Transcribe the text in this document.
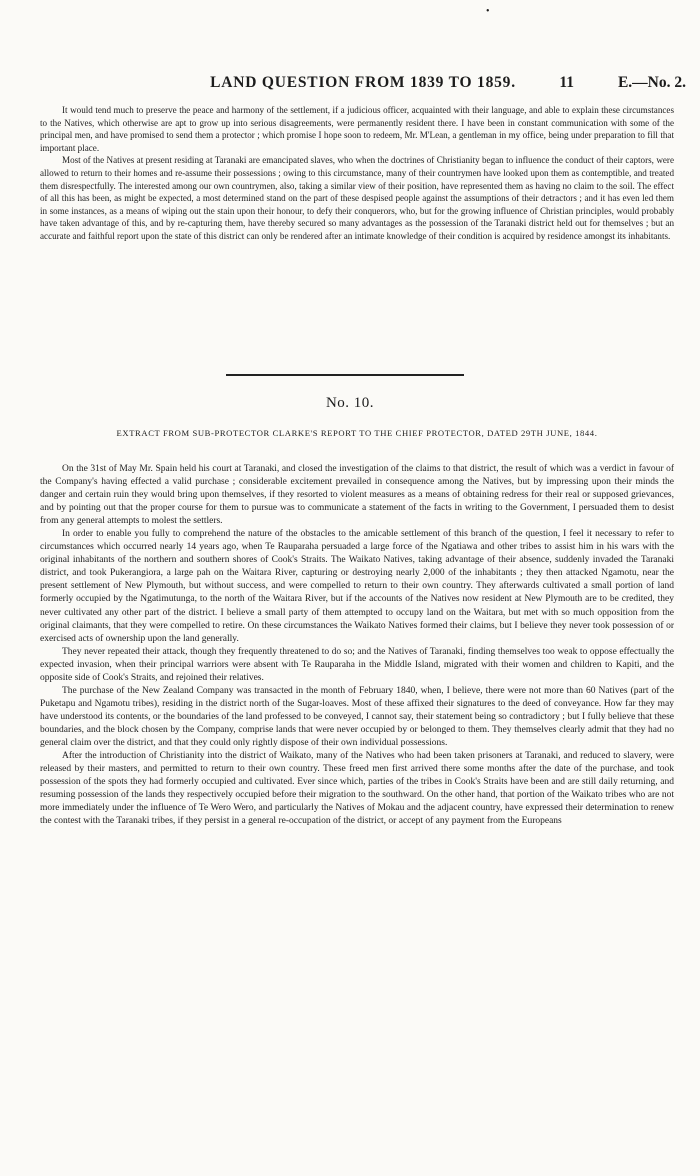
•
LAND QUESTION FROM 1839 TO 1859.	11	E.—No. 2.

It would tend much to preserve the peace and harmony of the settlement, if a judicious officer, acquainted with their language, and able to explain these circumstances to the Natives, which otherwise are apt to grow up into serious disagreements, were permanently resident there. I have been in constant communication with some of the principal men, and have promised to send them a protector ; which promise I hope soon to redeem, Mr. M'Lean, a gentleman in my office, being under preparation to fill that important place.

Most of the Natives at present residing at Taranaki are emancipated slaves, who when the doctrines of Christianity began to influence the conduct of their captors, were allowed to return to their homes and re-assume their possessions ; owing to this circumstance, many of their countrymen have looked upon them as contemptible, and treated them disrespectfully. The interested among our own countrymen, also, taking a similar view of their position, have represented them as having no claim to the soil. The effect of all this has been, as might be expected, a most determined stand on the part of these despised people against the assumptions of their detractors ; and it has even led them in some instances, as a means of wiping out the stain upon their honour, to defy their conquerors, who, but for the growing influence of Christian principles, would probably have taken advantage of this, and by re-capturing them, have thereby secured so many advantages as the possession of the Taranaki district held out for themselves ; but an accurate and faithful report upon the state of this district can only be rendered after an intimate knowledge of their condition is acquired by residence amongst its inhabitants.

No. 10.
EXTRACT FROM SUB-PROTECTOR CLARKE'S REPORT TO THE CHIEF PROTECTOR, DATED 29TH JUNE, 1844.

On the 31st of May Mr. Spain held his court at Taranaki, and closed the investigation of the claims to that district, the result of which was a verdict in favour of the Company's having effected a valid purchase ; considerable excitement prevailed in consequence among the Natives, but by impressing upon their minds the danger and certain ruin they would bring upon themselves, if they resorted to violent measures as a means of obtaining redress for their real or supposed grievances, and by pointing out that the proper course for them to pursue was to communicate a statement of the facts in writing to the Government, I persuaded them to desist from any general attempts to molest the settlers.

In order to enable you fully to comprehend the nature of the obstacles to the amicable settlement of this branch of the question, I feel it necessary to refer to circumstances which occurred nearly 14 years ago, when Te Rauparaha persuaded a large force of the Ngatiawa and other tribes to assist him in his wars with the original inhabitants of the northern and southern shores of Cook's Straits. The Waikato Natives, taking advantage of their absence, suddenly invaded the Taranaki district, and took Pukerangiora, a large pah on the Waitara River, capturing or destroying nearly 2,000 of the inhabitants ; they then attacked Ngamotu, near the present settlement of New Plymouth, but without success, and were compelled to return to their own country. They afterwards cultivated a small portion of land formerly occupied by the Ngatimutunga, to the north of the Waitara River, but if the accounts of the Natives now resident at New Plymouth are to be credited, they never cultivated any other part of the district. I believe a small party of them attempted to occupy land on the Waitara, but met with so much opposition from the original claimants, that they were compelled to retire. On these circumstances the Waikato Natives formed their claims, but I believe they never took possession of or exercised acts of ownership upon the land generally.

They never repeated their attack, though they frequently threatened to do so; and the Natives of Taranaki, finding themselves too weak to oppose effectually the expected invasion, when their principal warriors were absent with Te Rauparaha in the Middle Island, migrated with their women and children to Kapiti, and the opposite side of Cook's Straits, and rejoined their relatives.

The purchase of the New Zealand Company was transacted in the month of February 1840, when, I believe, there were not more than 60 Natives (part of the Puketapu and Ngamotu tribes), residing in the district north of the Sugar-loaves. Most of these affixed their signatures to the deed of conveyance. How far they may have understood its contents, or the boundaries of the land professed to be conveyed, I cannot say, their statement being so contradictory ; but I fully believe that these boundaries, and the block chosen by the Company, comprise lands that were never occupied by or belonged to them. They themselves clearly admit that they had no general claim over the district, and that they could only rightly dispose of their own individual possessions.

After the introduction of Christianity into the district of Waikato, many of the Natives who had been taken prisoners at Taranaki, and reduced to slavery, were released by their masters, and permitted to return to their own country. These freed men first arrived there some months after the date of the purchase, and took possession of the spots they had formerly occupied and cultivated. Ever since which, parties of the tribes in Cook's Straits have been and are still daily returning, and resuming possession of the lands they respectively occupied before their migration to the southward. On the other hand, that portion of the Waikato tribes who are not more immediately under the influence of Te Wero Wero, and particularly the Natives of Mokau and the adjacent country, have expressed their determination to renew the contest with the Taranaki tribes, if they persist in a general re-occupation of the district, or accept of any payment from the Europeans
